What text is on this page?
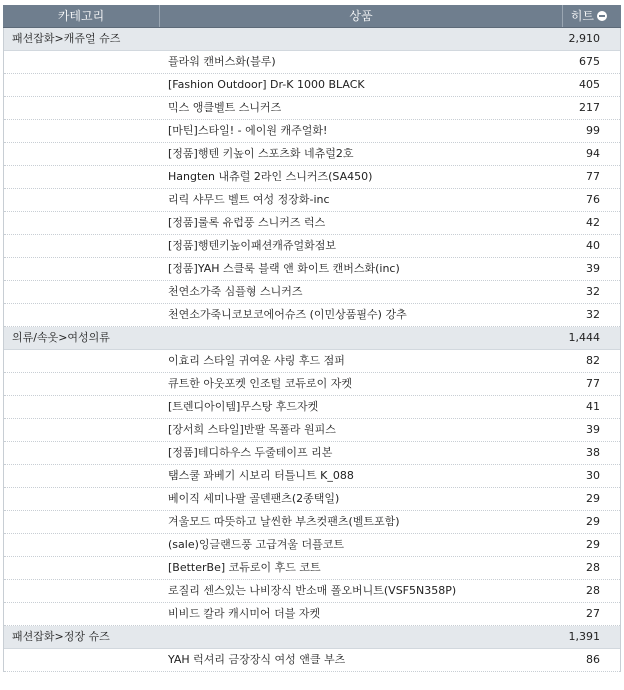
카테고리	상품	히트
패션잡화>캐쥬얼 슈즈	2,910
플라워 캔버스화(블루)	675
[Fashion Outdoor] Dr-K 1000 BLACK	405
믹스 앵클벨트 스니커즈	217
[마틴]스타일! - 에이원 캐주얼화!	99
[정품]행텐 키높이 스포츠화 네츄럴2호	94
Hangten 내츄럴 2라인 스니커즈(SA450)	77
리릭 샤무드 벨트 여성 정장화-inc	76
[정품]룰록 유럽풍 스니커즈 럭스	42
[정품]행텐키높이패션캐쥬얼화점보	40
[정품]YAH 스클룩 블랙 앤 화이트 캔버스화(inc)	39
천연소가죽 심플형 스니커즈	32
천연소가죽니코보코에어슈즈 (이민상품필수) 강추	32
의류/속옷>여성의류	1,444
이효리 스타일 귀여운 샤링 후드 점퍼	82
큐트한 아웃포켓 인조털 코듀로이 자켓	77
[트렌디아이템]무스탕 후드자켓	41
[장서희 스타일]반팔 목폴라 원피스	39
[정품]테디하우스 두줄테이프 리본	38
탬스쿨 꽈베기 시보리 터틀니트 K_088	30
베이직 세미나팔 골덴팬츠(2종택일)	29
겨울모드 따뜻하고 날씬한 부츠컷팬츠(벨트포함)	29
(sale)잉글랜드풍 고급겨울 더플코트	29
[BetterBe] 코듀로이 후드 코트	28
로질리 센스있는 나비장식 반소매 폴오버니트(VSF5N358P)	28
비비드 칼라 캐시미어 더블 자켓	27
패션잡화>정장 슈즈	1,391
YAH 럭셔리 금장장식 여성 앤클 부츠	86
